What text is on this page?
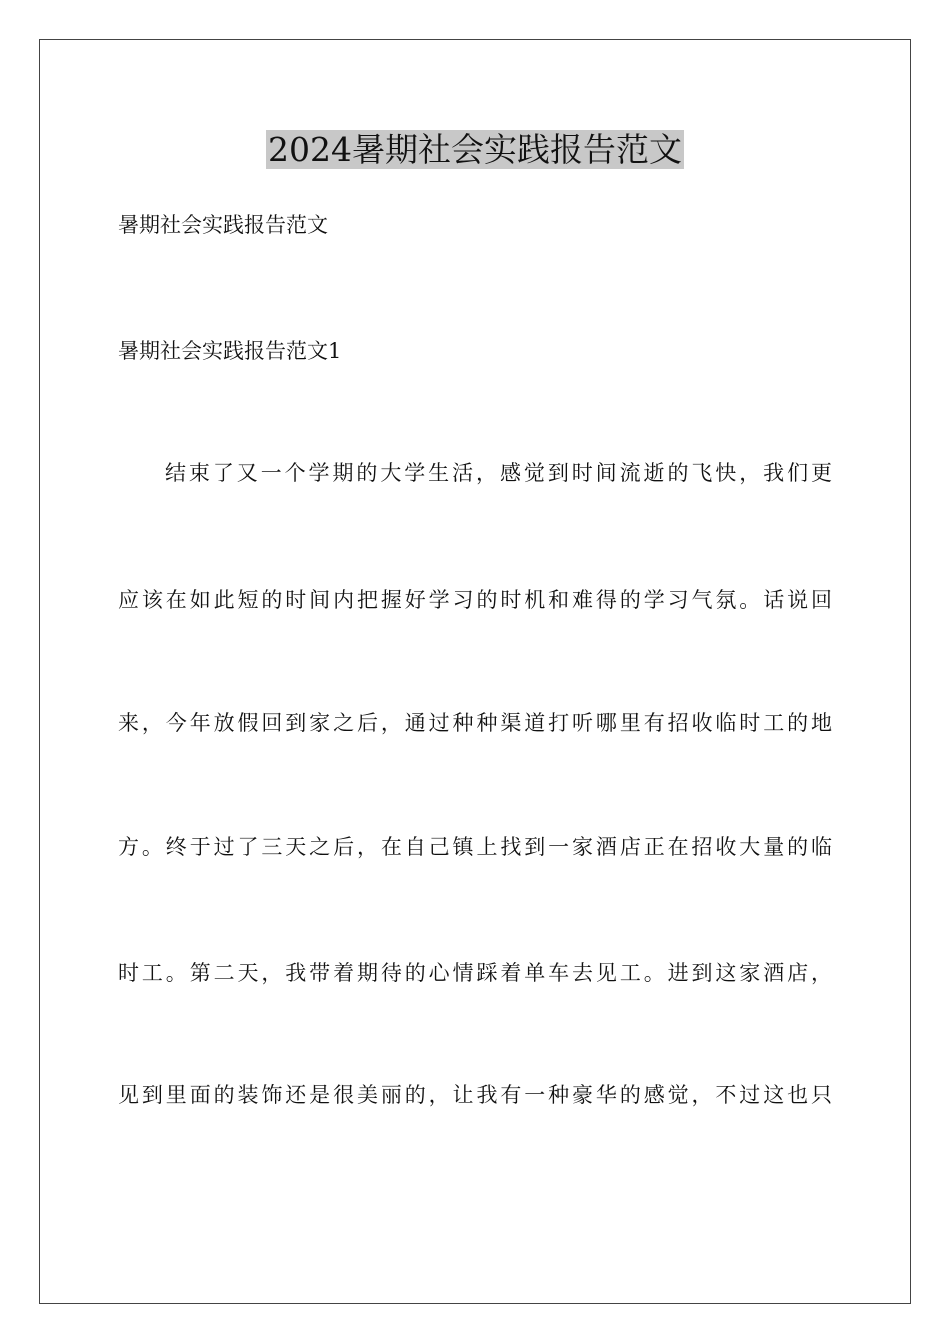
2024暑期社会实践报告范文

暑期社会实践报告范文

暑期社会实践报告范文1

结束了又一个学期的大学生活，感觉到时间流逝的飞快，我们更

应该在如此短的时间内把握好学习的时机和难得的学习气氛。话说回

来，今年放假回到家之后，通过种种渠道打听哪里有招收临时工的地

方。终于过了三天之后，在自己镇上找到一家酒店正在招收大量的临

时工。第二天，我带着期待的心情踩着单车去见工。进到这家酒店，

见到里面的装饰还是很美丽的，让我有一种豪华的感觉，不过这也只
